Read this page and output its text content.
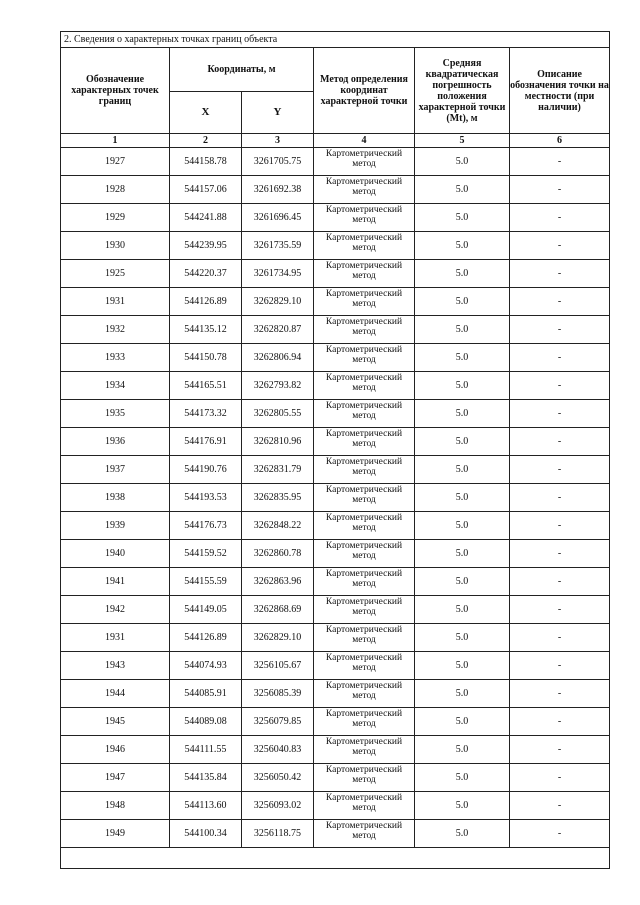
2. Сведения о характерных точках границ объекта					
Обозначение характерных точек границ	Координаты, м		Метод определения координат характерной точки	Средняя квадратическая погрешность положения характерной точки (Mt), м	Описание обозначения точки на местности (при наличии)
	X	Y			
1	2	3	4	5	6
1927	544158.78	3261705.75	Картометрический метод	5.0	-
1928	544157.06	3261692.38	Картометрический метод	5.0	-
1929	544241.88	3261696.45	Картометрический метод	5.0	-
1930	544239.95	3261735.59	Картометрический метод	5.0	-
1925	544220.37	3261734.95	Картометрический метод	5.0	-
1931	544126.89	3262829.10	Картометрический метод	5.0	-
1932	544135.12	3262820.87	Картометрический метод	5.0	-
1933	544150.78	3262806.94	Картометрический метод	5.0	-
1934	544165.51	3262793.82	Картометрический метод	5.0	-
1935	544173.32	3262805.55	Картометрический метод	5.0	-
1936	544176.91	3262810.96	Картометрический метод	5.0	-
1937	544190.76	3262831.79	Картометрический метод	5.0	-
1938	544193.53	3262835.95	Картометрический метод	5.0	-
1939	544176.73	3262848.22	Картометрический метод	5.0	-
1940	544159.52	3262860.78	Картометрический метод	5.0	-
1941	544155.59	3262863.96	Картометрический метод	5.0	-
1942	544149.05	3262868.69	Картометрический метод	5.0	-
1931	544126.89	3262829.10	Картометрический метод	5.0	-
1943	544074.93	3256105.67	Картометрический метод	5.0	-
1944	544085.91	3256085.39	Картометрический метод	5.0	-
1945	544089.08	3256079.85	Картометрический метод	5.0	-
1946	544111.55	3256040.83	Картометрический метод	5.0	-
1947	544135.84	3256050.42	Картометрический метод	5.0	-
1948	544113.60	3256093.02	Картометрический метод	5.0	-
1949	544100.34	3256118.75	Картометрический метод	5.0	-
